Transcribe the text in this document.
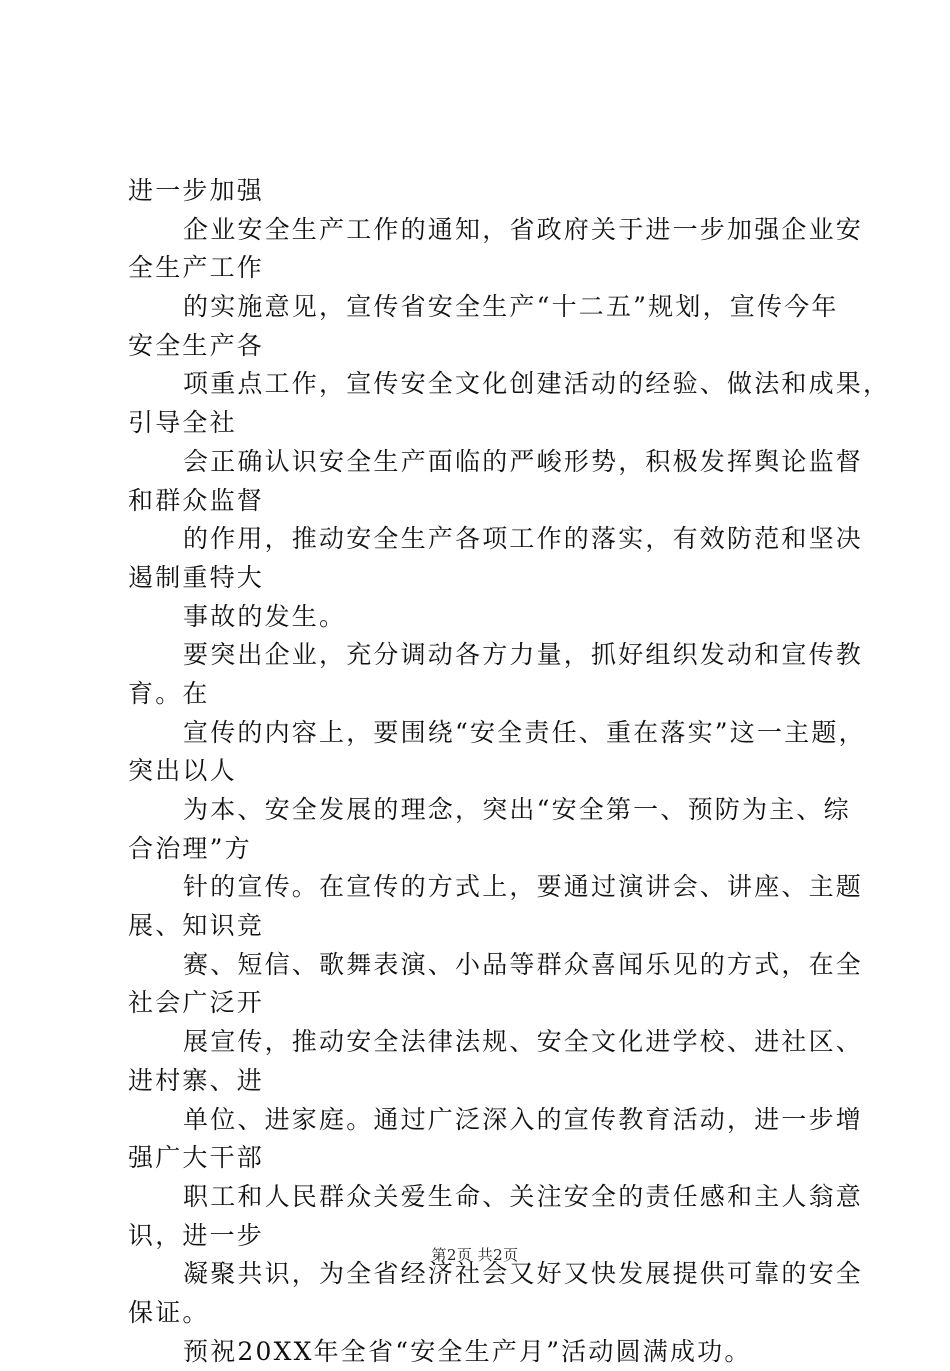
进一步加强
企业安全生产工作的通知，省政府关于进一步加强企业安
全生产工作
的实施意见，宣传省安全生产“十二五”规划，宣传今年
安全生产各
项重点工作，宣传安全文化创建活动的经验、做法和成果，
引导全社
会正确认识安全生产面临的严峻形势，积极发挥舆论监督
和群众监督
的作用，推动安全生产各项工作的落实，有效防范和坚决
遏制重特大
事故的发生。
要突出企业，充分调动各方力量，抓好组织发动和宣传教
育。在
宣传的内容上，要围绕“安全责任、重在落实”这一主题，
突出以人
为本、安全发展的理念，突出“安全第一、预防为主、综
合治理”方
针的宣传。在宣传的方式上，要通过演讲会、讲座、主题
展、知识竞
赛、短信、歌舞表演、小品等群众喜闻乐见的方式，在全
社会广泛开
展宣传，推动安全法律法规、安全文化进学校、进社区、
进村寨、进
单位、进家庭。通过广泛深入的宣传教育活动，进一步增
强广大干部
职工和人民群众关爱生命、关注安全的责任感和主人翁意
识，进一步
凝聚共识，为全省经济社会又好又快发展提供可靠的安全
保证。
预祝20XX年全省“安全生产月”活动圆满成功。
第2页 共2页
